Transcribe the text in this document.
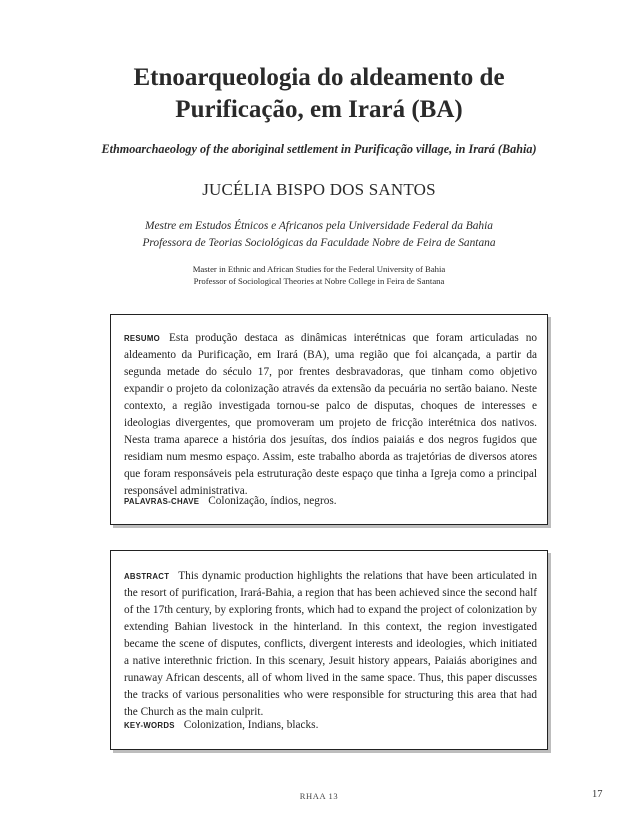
Etnoarqueologia do aldeamento de
Purificação, em Irará (BA)
Ethmoarchaeology of the aboriginal settlement in Purificação village, in Irará (Bahia)
JUCÉLIA BISPO DOS SANTOS
Mestre em Estudos Étnicos e Africanos pela Universidade Federal da Bahia
Professora de Teorias Sociológicas da Faculdade Nobre de Feira de Santana
Master in Ethnic and African Studies for the Federal University of Bahia
Professor of Sociological Theories at Nobre College in Feira de Santana
RESUMO Esta produção destaca as dinâmicas interétnicas que foram articuladas no aldeamento da Purificação, em Irará (BA), uma região que foi alcançada, a partir da segunda metade do século 17, por frentes desbravadoras, que tinham como objetivo expandir o projeto da colonização através da extensão da pecuária no sertão baiano. Neste contexto, a região investigada tornou-se palco de disputas, choques de interesses e ideologias divergentes, que promoveram um projeto de fricção interétnica dos nativos. Nesta trama aparece a história dos jesuítas, dos índios paiaiás e dos negros fugidos que residiam num mesmo espaço. Assim, este trabalho aborda as trajetórias de diversos atores que foram responsáveis pela estruturação deste espaço que tinha a Igreja como a principal responsável administrativa.
PALAVRAS-CHAVE Colonização, índios, negros.
ABSTRACT This dynamic production highlights the relations that have been articulated in the resort of purification, Irará-Bahia, a region that has been achieved since the second half of the 17th century, by exploring fronts, which had to expand the project of colonization by extending Bahian livestock in the hinterland. In this context, the region investigated became the scene of disputes, conflicts, divergent interests and ideologies, which initiated a native interethnic friction. In this scenary, Jesuit history appears, Paiaiás aborigines and runaway African descents, all of whom lived in the same space. Thus, this paper discusses the tracks of various personalities who were responsible for structuring this area that had the Church as the main culprit.
KEY-WORDS Colonization, Indians, blacks.
RHAA 13	17
